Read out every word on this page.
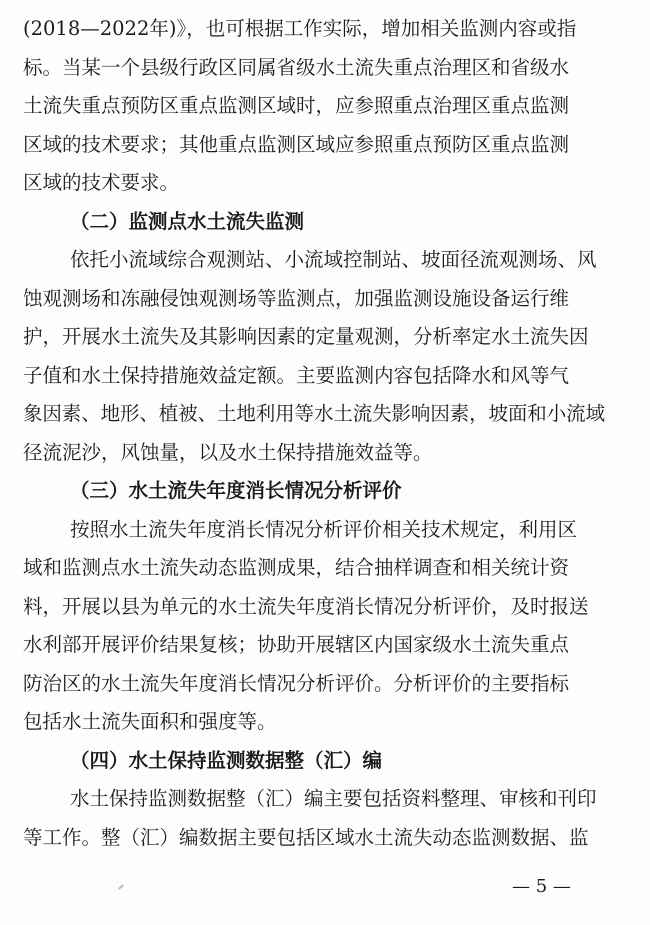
(2018—2022年)》，也可根据工作实际，增加相关监测内容或指

标。当某一个县级行政区同属省级水土流失重点治理区和省级水

土流失重点预防区重点监测区域时，应参照重点治理区重点监测

区域的技术要求；其他重点监测区域应参照重点预防区重点监测

区域的技术要求。

（二）监测点水土流失监测

依托小流域综合观测站、小流域控制站、坡面径流观测场、风

蚀观测场和冻融侵蚀观测场等监测点，加强监测设施设备运行维

护，开展水土流失及其影响因素的定量观测，分析率定水土流失因

子值和水土保持措施效益定额。主要监测内容包括降水和风等气

象因素、地形、植被、土地利用等水土流失影响因素，坡面和小流域

径流泥沙，风蚀量，以及水土保持措施效益等。

（三）水土流失年度消长情况分析评价

按照水土流失年度消长情况分析评价相关技术规定，利用区

域和监测点水土流失动态监测成果，结合抽样调查和相关统计资

料，开展以县为单元的水土流失年度消长情况分析评价，及时报送

水利部开展评价结果复核；协助开展辖区内国家级水土流失重点

防治区的水土流失年度消长情况分析评价。分析评价的主要指标

包括水土流失面积和强度等。

（四）水土保持监测数据整（汇）编

水土保持监测数据整（汇）编主要包括资料整理、审核和刊印

等工作。整（汇）编数据主要包括区域水土流失动态监测数据、监

— 5 —
